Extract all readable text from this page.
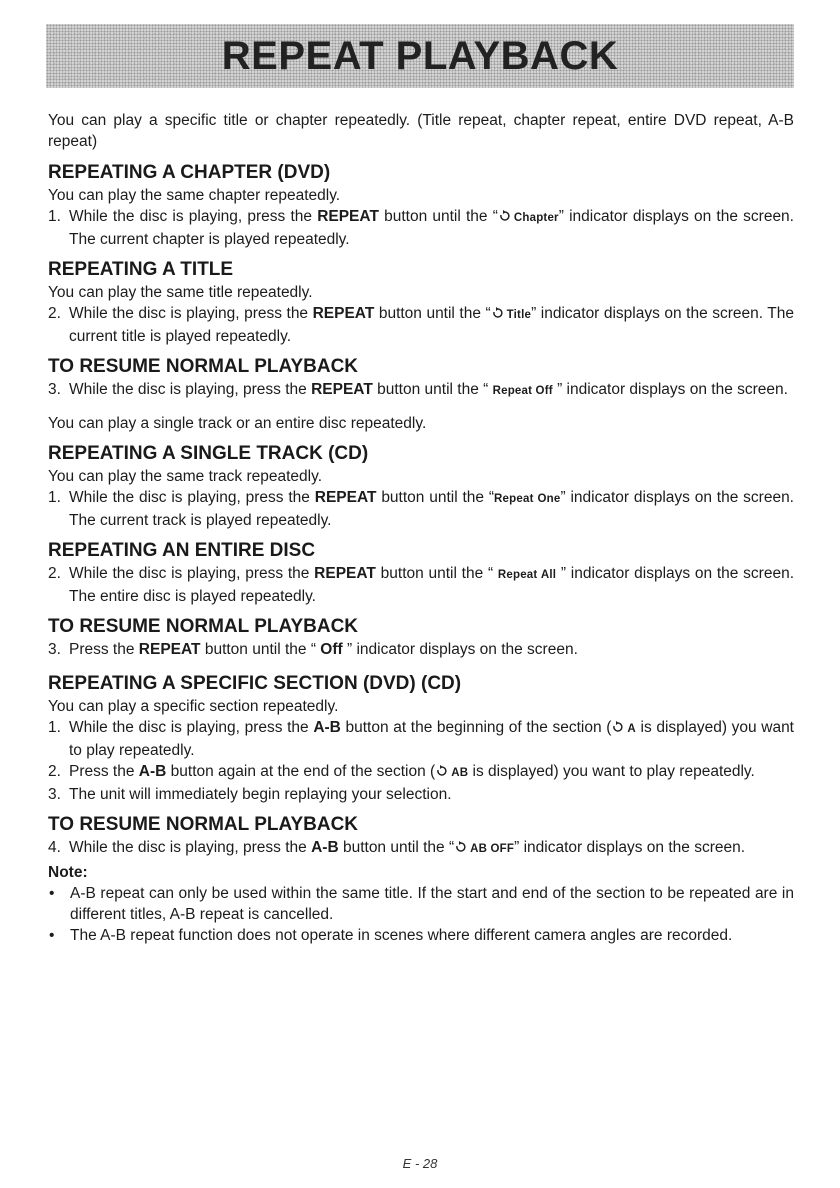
REPEAT PLAYBACK

You can play a specific title or chapter repeatedly. (Title repeat, chapter repeat, entire DVD repeat, A-B repeat)

REPEATING A CHAPTER (DVD)

You can play the same chapter repeatedly.

1. While the disc is playing, press the REPEAT button until the “ Chapter” indicator displays on the screen. The current chapter is played repeatedly.
REPEATING A TITLE

You can play the same title repeatedly.

2. While the disc is playing, press the REPEAT button until the “ Title” indicator displays on the screen. The current title is played repeatedly.
TO RESUME NORMAL PLAYBACK
3. While the disc is playing, press the REPEAT button until the “ Repeat Off ” indicator displays on the screen.

You can play a single track or an entire disc repeatedly.

REPEATING A SINGLE TRACK (CD)

You can play the same track repeatedly.

1. While the disc is playing, press the REPEAT button until the “Repeat One” indicator displays on the screen. The current track is played repeatedly.
REPEATING AN ENTIRE DISC
2. While the disc is playing, press the REPEAT button until the “ Repeat All ” indicator displays on the screen. The entire disc is played repeatedly.
TO RESUME NORMAL PLAYBACK
3. Press the REPEAT button until the “ Off ” indicator displays on the screen.
REPEATING A SPECIFIC SECTION (DVD) (CD)

You can play a specific section repeatedly.

1. While the disc is playing, press the A-B button at the beginning of the section ( A is displayed) you want to play repeatedly.
2. Press the A-B button again at the end of the section ( AB is displayed) you want to play repeatedly.
3. The unit will immediately begin replaying your selection.
TO RESUME NORMAL PLAYBACK
4. While the disc is playing, press the A-B button until the “ AB OFF” indicator displays on the screen.
Note:
•	A-B repeat can only be used within the same title. If the start and end of the section to be repeated are in different titles, A-B repeat is cancelled.
•	The A-B repeat function does not operate in scenes where different camera angles are recorded.
E - 28
